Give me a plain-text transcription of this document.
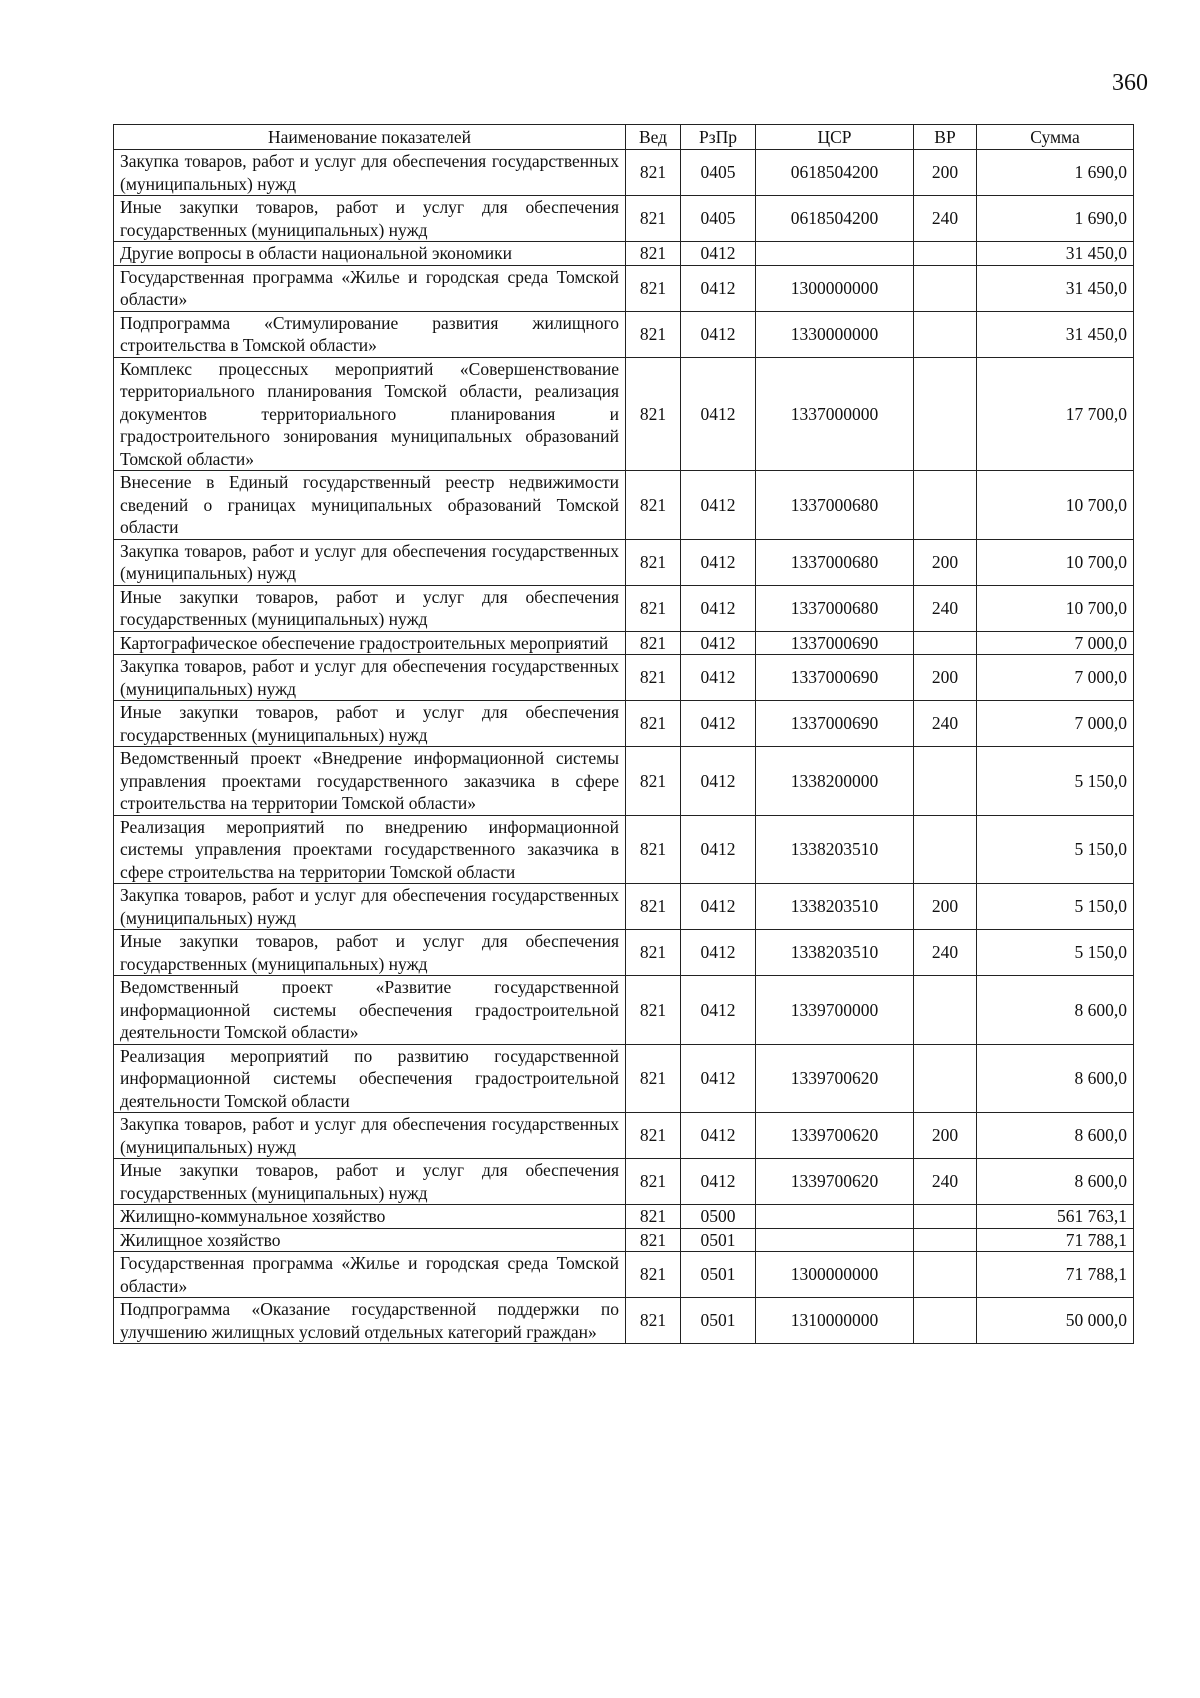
360
Наименование показателей	Вед	РзПр	ЦСР	ВР	Сумма
Закупка товаров, работ и услуг для обеспечения государственных (муниципальных) нужд	821	0405	0618504200	200	1 690,0
Иные закупки товаров, работ и услуг для обеспечения государственных (муниципальных) нужд	821	0405	0618504200	240	1 690,0
Другие вопросы в области национальной экономики	821	0412			31 450,0
Государственная программа «Жилье и городская среда Томской области»	821	0412	1300000000		31 450,0
Подпрограмма «Стимулирование развития жилищного строительства в Томской области»	821	0412	1330000000		31 450,0
Комплекс процессных мероприятий «Совершенствование территориального планирования Томской области, реализация документов территориального планирования и градостроительного зонирования муниципальных образований Томской области»	821	0412	1337000000		17 700,0
Внесение в Единый государственный реестр недвижимости сведений о границах муниципальных образований Томской области	821	0412	1337000680		10 700,0
Закупка товаров, работ и услуг для обеспечения государственных (муниципальных) нужд	821	0412	1337000680	200	10 700,0
Иные закупки товаров, работ и услуг для обеспечения государственных (муниципальных) нужд	821	0412	1337000680	240	10 700,0
Картографическое обеспечение градостроительных мероприятий	821	0412	1337000690		7 000,0
Закупка товаров, работ и услуг для обеспечения государственных (муниципальных) нужд	821	0412	1337000690	200	7 000,0
Иные закупки товаров, работ и услуг для обеспечения государственных (муниципальных) нужд	821	0412	1337000690	240	7 000,0
Ведомственный проект «Внедрение информационной системы управления проектами государственного заказчика в сфере строительства на территории Томской области»	821	0412	1338200000		5 150,0
Реализация мероприятий по внедрению информационной системы управления проектами государственного заказчика в сфере строительства на территории Томской области	821	0412	1338203510		5 150,0
Закупка товаров, работ и услуг для обеспечения государственных (муниципальных) нужд	821	0412	1338203510	200	5 150,0
Иные закупки товаров, работ и услуг для обеспечения государственных (муниципальных) нужд	821	0412	1338203510	240	5 150,0
Ведомственный проект «Развитие государственной информационной системы обеспечения градостроительной деятельности Томской области»	821	0412	1339700000		8 600,0
Реализация мероприятий по развитию государственной информационной системы обеспечения градостроительной деятельности Томской области	821	0412	1339700620		8 600,0
Закупка товаров, работ и услуг для обеспечения государственных (муниципальных) нужд	821	0412	1339700620	200	8 600,0
Иные закупки товаров, работ и услуг для обеспечения государственных (муниципальных) нужд	821	0412	1339700620	240	8 600,0
Жилищно-коммунальное хозяйство	821	0500			561 763,1
Жилищное хозяйство	821	0501			71 788,1
Государственная программа «Жилье и городская среда Томской области»	821	0501	1300000000		71 788,1
Подпрограмма «Оказание государственной поддержки по улучшению жилищных условий отдельных категорий граждан»	821	0501	1310000000		50 000,0
